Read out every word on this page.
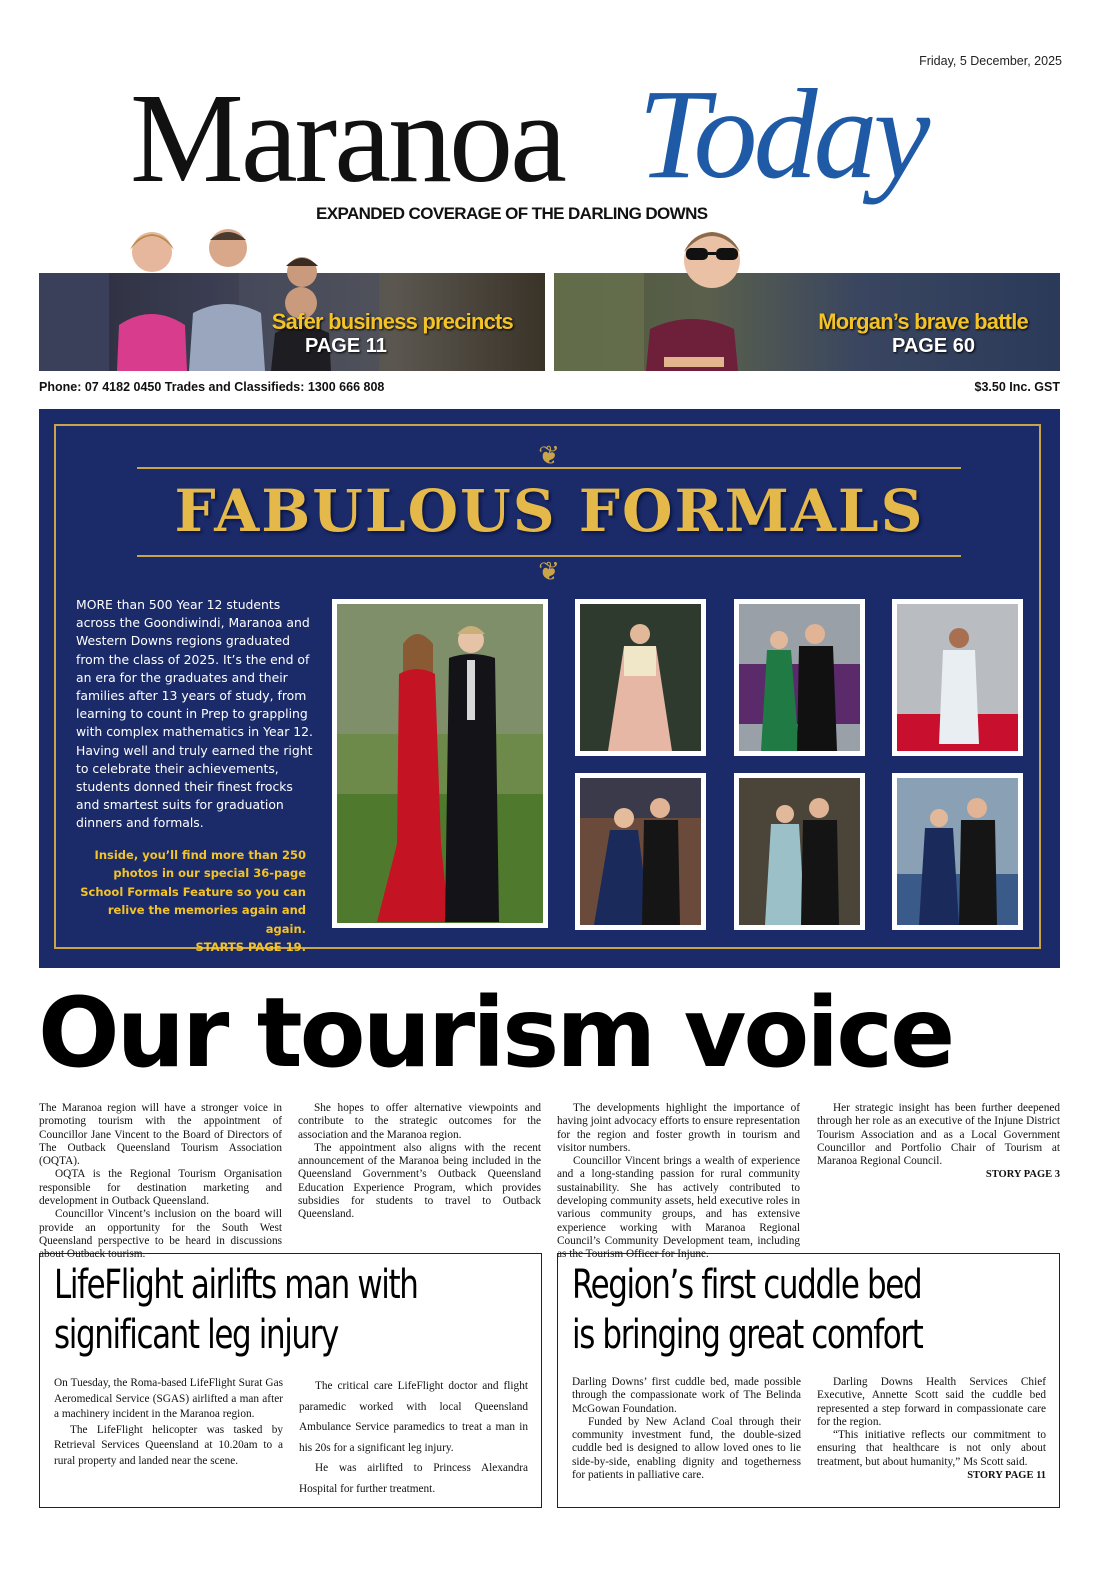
Friday, 5 December, 2025
Maranoa Today
EXPANDED COVERAGE OF THE DARLING DOWNS
Safer business precincts
PAGE 11
Morgan’s brave battle
PAGE 60
Phone: 07 4182 0450 Trades and Classifieds: 1300 666 808	$3.50 Inc. GST
❦
❦
FABULOUS FORMALS
MORE than 500 Year 12 students across the Goondiwindi, Maranoa and Western Downs regions graduated from the class of 2025. It’s the end of an era for the graduates and their families after 13 years of study, from learning to count in Prep to grappling with complex mathematics in Year 12. Having well and truly earned the right to celebrate their achievements, students donned their finest frocks and smartest suits for graduation dinners and formals.
Inside, you’ll find more than 250 photos in our special 36-page School Formals Feature so you can relive the memories again and again.
STARTS PAGE 19.
Our tourism voice

The Maranoa region will have a stronger voice in promoting tourism with the appointment of Councillor Jane Vincent to the Board of Directors of The Outback Queensland Tourism Association (OQTA).

OQTA is the Regional Tourism Organisation responsible for destination marketing and development in Outback Queensland.

Councillor Vincent’s inclusion on the board will provide an opportunity for the South West Queensland perspective to be heard in discussions about Outback tourism.

She hopes to offer alternative viewpoints and contribute to the strategic outcomes for the association and the Maranoa region.

The appointment also aligns with the recent announcement of the Maranoa being included in the Queensland Government’s Outback Queensland Education Experience Program, which provides subsidies for students to travel to Outback Queensland.

The developments highlight the importance of having joint advocacy efforts to ensure representation for the region and foster growth in tourism and visitor numbers.

Councillor Vincent brings a wealth of experience and a long-standing passion for rural community sustainability. She has actively contributed to developing community assets, held executive roles in various community groups, and has extensive experience working with Maranoa Regional Council’s Community Development team, including as the Tourism Officer for Injune.

Her strategic insight has been further deepened through her role as an executive of the Injune District Tourism Association and as a Local Government Councillor and Portfolio Chair of Tourism at Maranoa Regional Council.

STORY PAGE 3
LifeFlight airlifts man with
significant leg injury

On Tuesday, the Roma-based LifeFlight Surat Gas Aeromedical Service (SGAS) airlifted a man after a machinery incident in the Maranoa region.

The LifeFlight helicopter was tasked by Retrieval Services Queensland at 10.20am to a rural property and landed near the scene.

The critical care LifeFlight doctor and flight paramedic worked with local Queensland Ambulance Service paramedics to treat a man in his 20s for a significant leg injury.

He was airlifted to Princess Alexandra Hospital for further treatment.

Region’s first cuddle bed
is bringing great comfort

Darling Downs’ first cuddle bed, made possible through the compassionate work of The Belinda McGowan Foundation.

Funded by New Acland Coal through their community investment fund, the double-sized cuddle bed is designed to allow loved ones to lie side-by-side, enabling dignity and togetherness for patients in palliative care.

Darling Downs Health Services Chief Executive, Annette Scott said the cuddle bed represented a step forward in compassionate care for the region.

“This initiative reflects our commitment to ensuring that healthcare is not only about treatment, but about humanity,” Ms Scott said.

STORY PAGE 11
